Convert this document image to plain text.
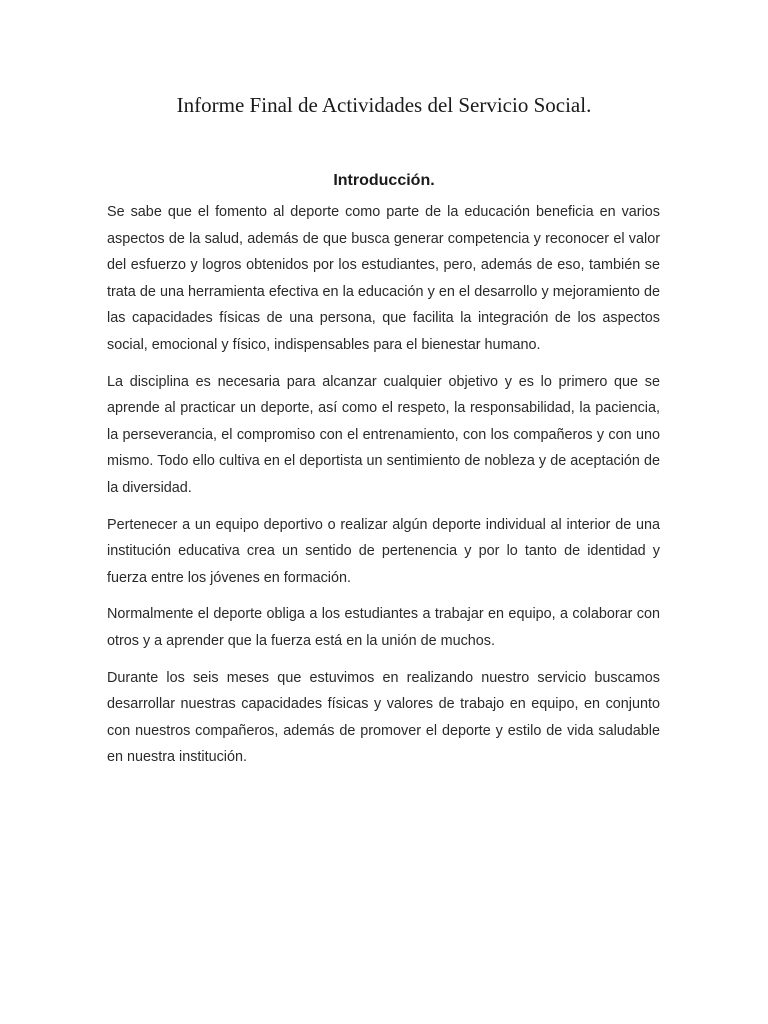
Informe Final de Actividades del Servicio Social.
Introducción.

Se sabe que el fomento al deporte como parte de la educación beneficia en varios aspectos de la salud, además de que busca generar competencia y reconocer el valor del esfuerzo y logros obtenidos por los estudiantes, pero, además de eso, también se trata de una herramienta efectiva en la educación y en el desarrollo y mejoramiento de las capacidades físicas de una persona, que facilita la integración de los aspectos social, emocional y físico, indispensables para el bienestar humano.

La disciplina es necesaria para alcanzar cualquier objetivo y es lo primero que se aprende al practicar un deporte, así como el respeto, la responsabilidad, la paciencia, la perseverancia, el compromiso con el entrenamiento, con los compañeros y con uno mismo. Todo ello cultiva en el deportista un sentimiento de nobleza y de aceptación de la diversidad.

Pertenecer a un equipo deportivo o realizar algún deporte individual al interior de una institución educativa crea un sentido de pertenencia y por lo tanto de identidad y fuerza entre los jóvenes en formación.

Normalmente el deporte obliga a los estudiantes a trabajar en equipo, a colaborar con otros y a aprender que la fuerza está en la unión de muchos.

Durante los seis meses que estuvimos en realizando nuestro servicio buscamos desarrollar nuestras capacidades físicas y valores de trabajo en equipo, en conjunto con nuestros compañeros, además de promover el deporte y estilo de vida saludable en nuestra institución.
